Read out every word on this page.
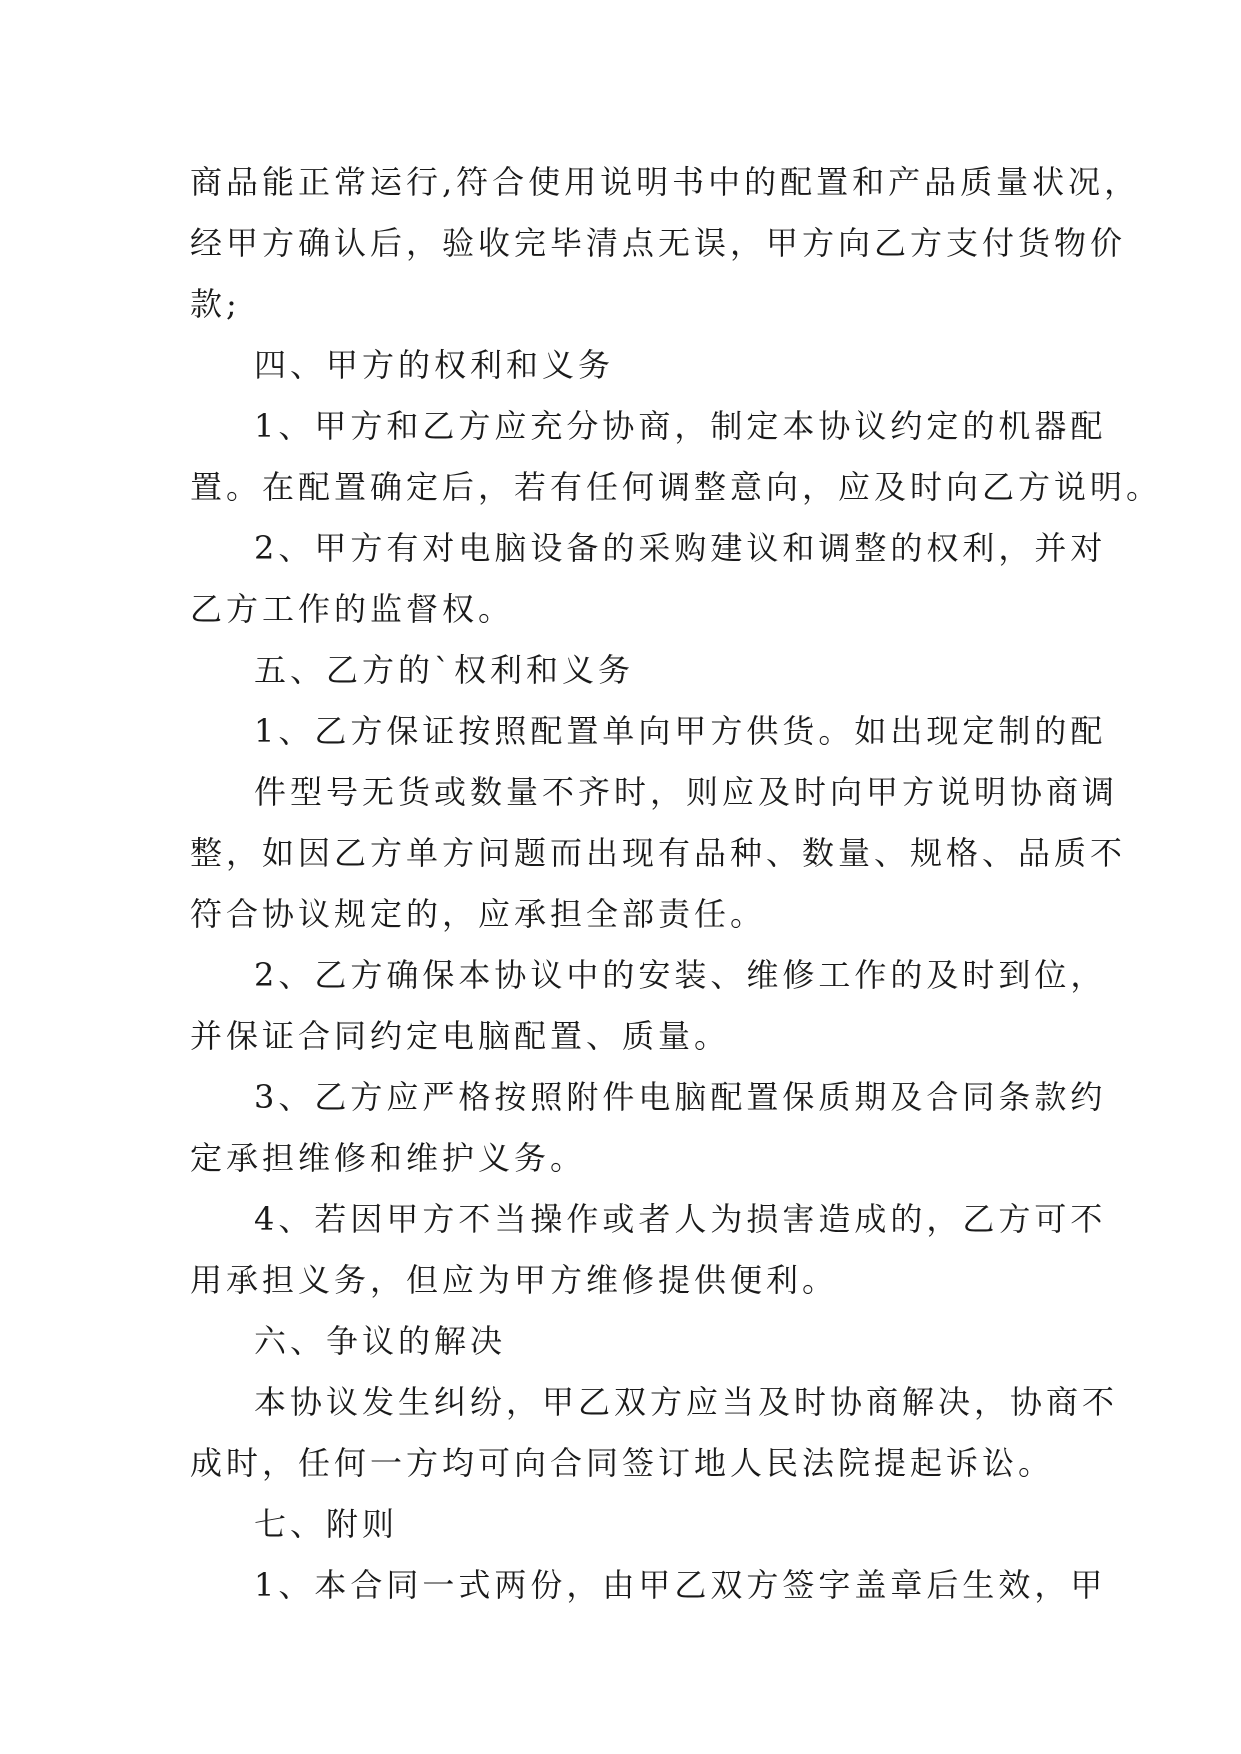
商品能正常运行,符合使用说明书中的配置和产品质量状况，
经甲方确认后，验收完毕清点无误，甲方向乙方支付货物价
款;
四、甲方的权利和义务
1、甲方和乙方应充分协商，制定本协议约定的机器配
置。在配置确定后，若有任何调整意向，应及时向乙方说明。
2、甲方有对电脑设备的采购建议和调整的权利，并对
乙方工作的监督权。
五、乙方的`权利和义务
1、乙方保证按照配置单向甲方供货。如出现定制的配
件型号无货或数量不齐时，则应及时向甲方说明协商调
整，如因乙方单方问题而出现有品种、数量、规格、品质不
符合协议规定的，应承担全部责任。
2、乙方确保本协议中的安装、维修工作的及时到位，
并保证合同约定电脑配置、质量。
3、乙方应严格按照附件电脑配置保质期及合同条款约
定承担维修和维护义务。
4、若因甲方不当操作或者人为损害造成的，乙方可不
用承担义务，但应为甲方维修提供便利。
六、争议的解决
本协议发生纠纷，甲乙双方应当及时协商解决，协商不
成时，任何一方均可向合同签订地人民法院提起诉讼。
七、附则
1、本合同一式两份，由甲乙双方签字盖章后生效，甲
